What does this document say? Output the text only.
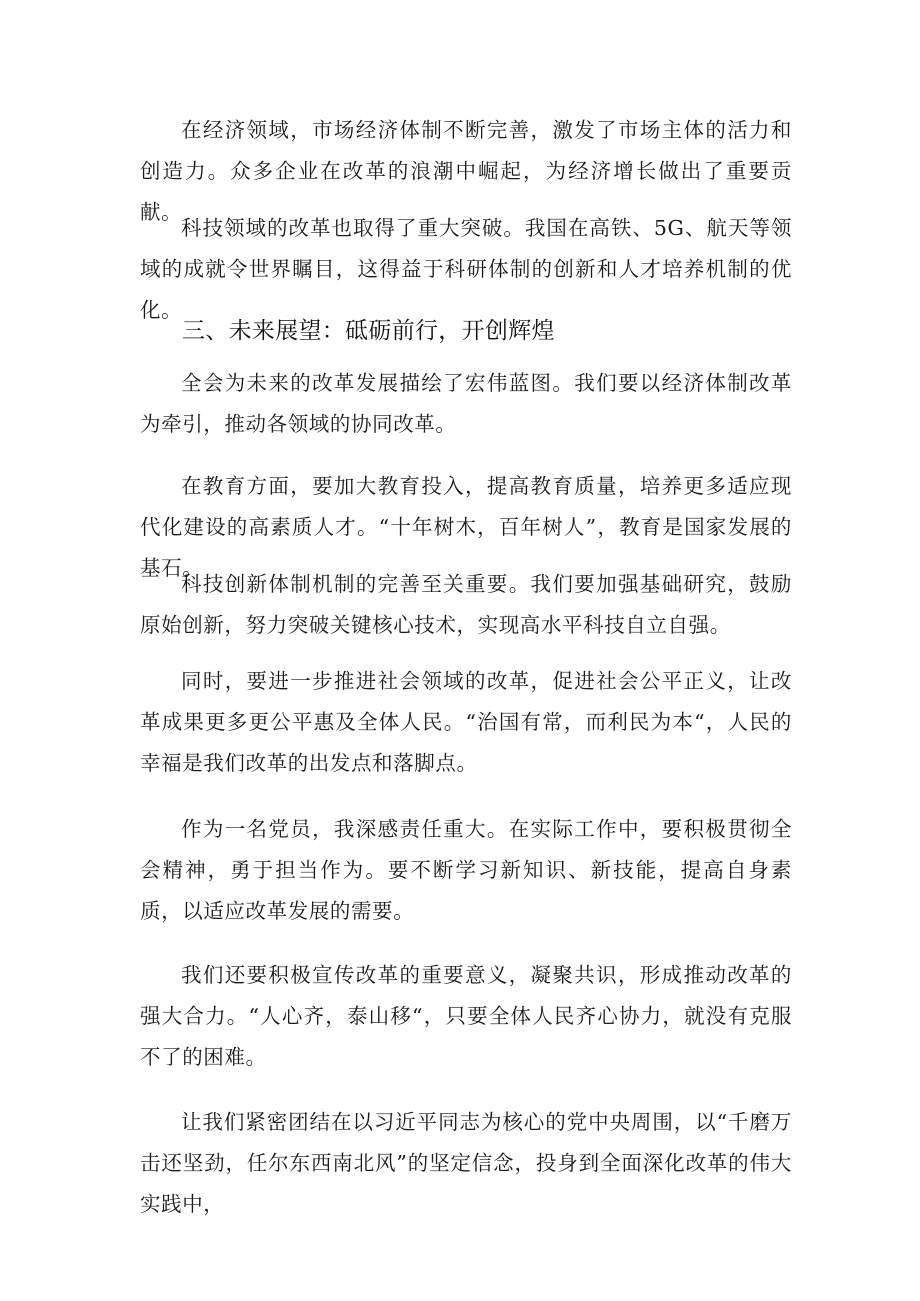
在经济领域，市场经济体制不断完善，激发了市场主体的活力和创造力。众多企业在改革的浪潮中崛起，为经济增长做出了重要贡献。

科技领域的改革也取得了重大突破。我国在高铁、5G、航天等领域的成就令世界瞩目，这得益于科研体制的创新和人才培养机制的优化。

三、未来展望：砥砺前行，开创辉煌

全会为未来的改革发展描绘了宏伟蓝图。我们要以经济体制改革为牵引，推动各领域的协同改革。

在教育方面，要加大教育投入，提高教育质量，培养更多适应现代化建设的高素质人才。“十年树木，百年树人”，教育是国家发展的基石。

科技创新体制机制的完善至关重要。我们要加强基础研究，鼓励原始创新，努力突破关键核心技术，实现高水平科技自立自强。

同时，要进一步推进社会领域的改革，促进社会公平正义，让改革成果更多更公平惠及全体人民。“治国有常，而利民为本“，人民的幸福是我们改革的出发点和落脚点。

作为一名党员，我深感责任重大。在实际工作中，要积极贯彻全会精神，勇于担当作为。要不断学习新知识、新技能，提高自身素质，以适应改革发展的需要。

我们还要积极宣传改革的重要意义，凝聚共识，形成推动改革的强大合力。“人心齐，泰山移“，只要全体人民齐心协力，就没有克服不了的困难。

让我们紧密团结在以习近平同志为核心的党中央周围，以“千磨万击还坚劲，任尔东西南北风”的坚定信念，投身到全面深化改革的伟大实践中，
